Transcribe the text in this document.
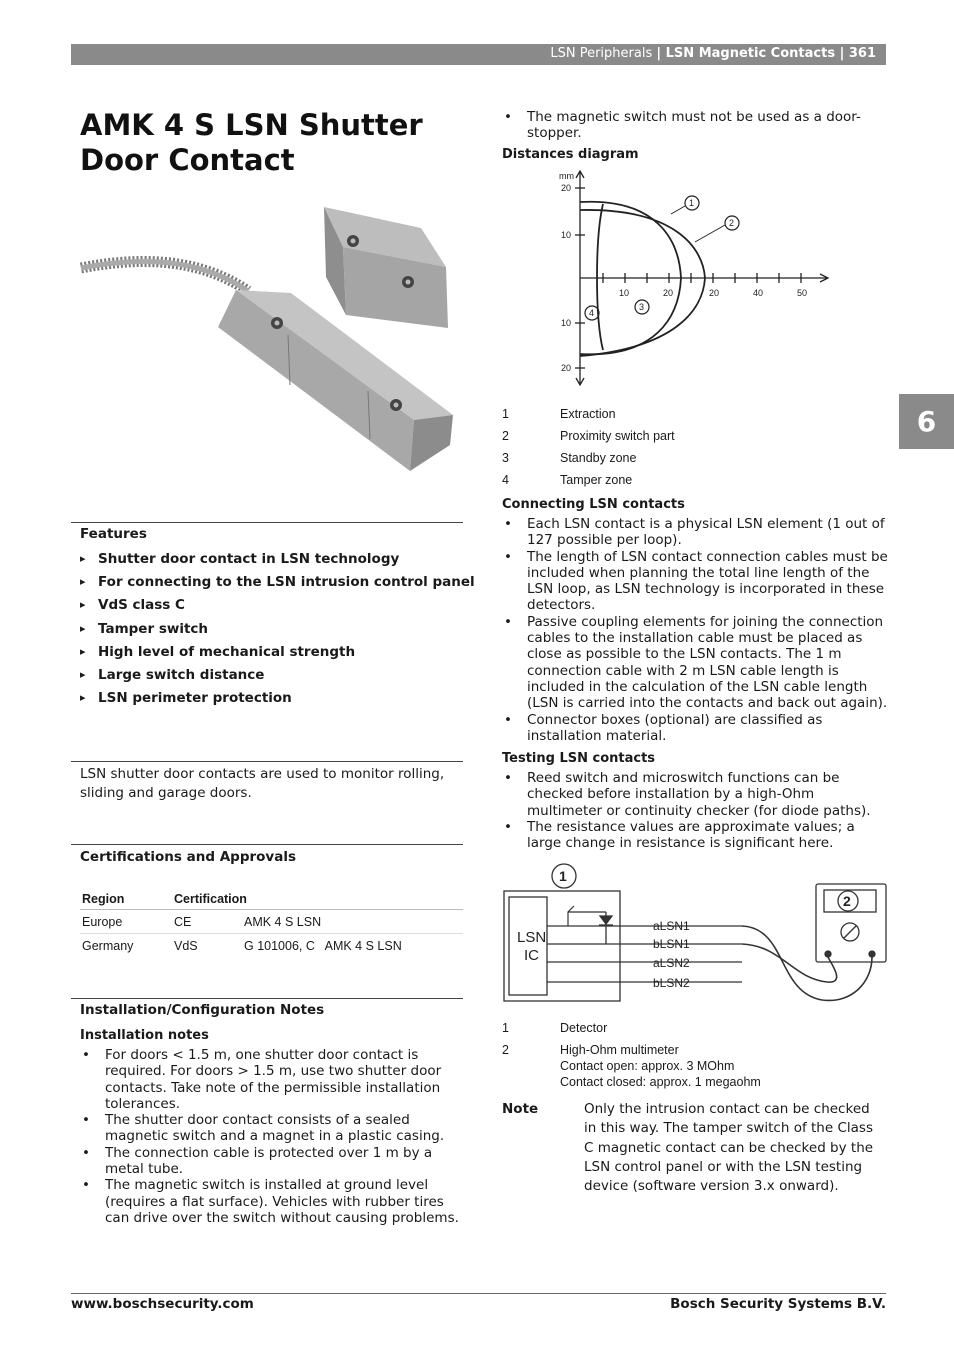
LSN Peripherals | LSN Magnetic Contacts | 361
6
AMK 4 S LSN Shutter Door Contact
Features
▸ Shutter door contact in LSN technology
▸ For connecting to the LSN intrusion control panel
▸ VdS class C
▸ Tamper switch
▸ High level of mechanical strength
▸ Large switch distance
▸ LSN perimeter protection

LSN shutter door contacts are used to monitor rolling, sliding and garage doors.

Certifications and Approvals
Region	Certification	
Europe	CE	AMK 4 S LSN
Germany	VdS	G 101006, C   AMK 4 S LSN
Installation/Configuration Notes
Installation notes
• For doors < 1.5 m, one shutter door contact is required. For doors > 1.5 m, use two shutter door contacts. Take note of the permissible installation tolerances.
• The shutter door contact consists of a sealed magnetic switch and a magnet in a plastic casing.
• The connection cable is protected over 1 m by a metal tube.
• The magnetic switch is installed at ground level (requires a flat surface). Vehicles with rubber tires can drive over the switch without causing problems.
• The magnetic switch must not be used as a door-stopper.
Distances diagram
mm
20
10
10
20
10	20	20	40	50
1
2
3
4
1	Extraction
2	Proximity switch part
3	Standby zone
4	Tamper zone
Connecting LSN contacts
• Each LSN contact is a physical LSN element (1 out of 127 possible per loop).
• The length of LSN contact connection cables must be included when planning the total line length of the LSN loop, as LSN technology is incorporated in these detectors.
• Passive coupling elements for joining the connection cables to the installation cable must be placed as close as possible to the LSN contacts. The 1 m connection cable with 2 m LSN cable length is included in the calculation of the LSN cable length (LSN is carried into the contacts and back out again).
• Connector boxes (optional) are classified as installation material.
Testing LSN contacts
• Reed switch and microswitch functions can be checked before installation by a high-Ohm multimeter or continuity checker (for diode paths).
• The resistance values are approximate values; a large change in resistance is significant here.
LSN
IC
1
2
aLSN1
bLSN1
aLSN2
bLSN2
1	Detector
2	High-Ohm multimeter
Contact open: approx. 3 MOhm
Contact closed: approx. 1 megaohm
Note	Only the intrusion contact can be checked in this way. The tamper switch of the Class C magnetic contact can be checked by the LSN control panel or with the LSN testing device (software version 3.x onward).

www.boschsecurity.com	Bosch Security Systems B.V.
